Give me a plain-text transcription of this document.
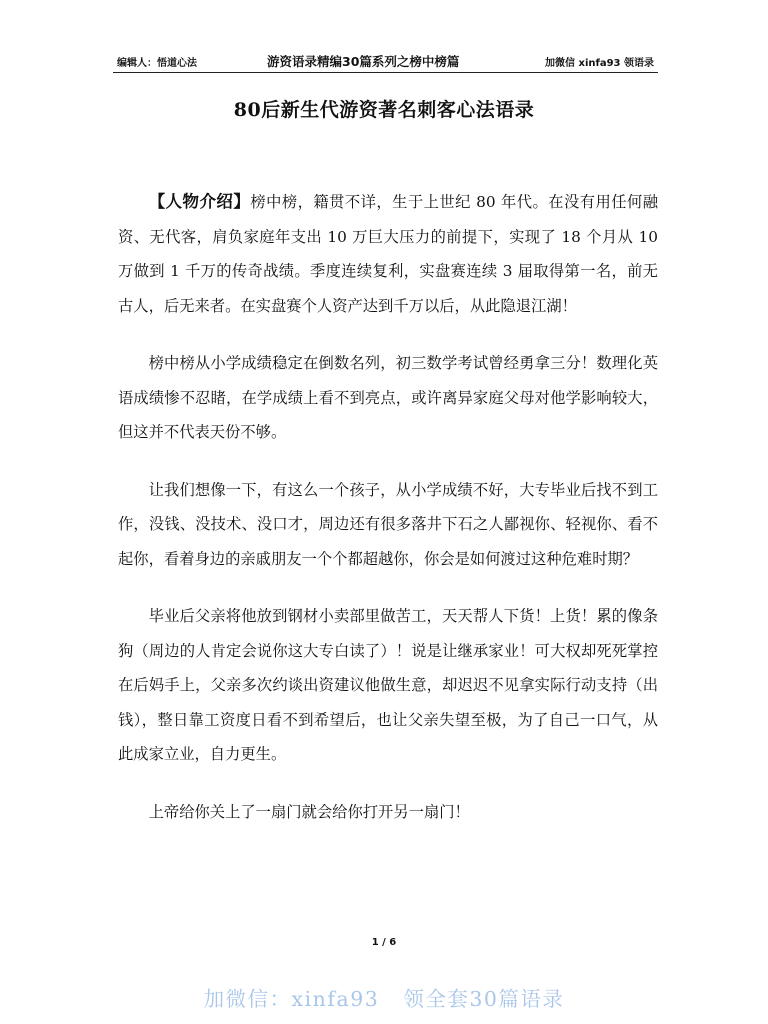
编辑人：悟道心法	游资语录精编30篇系列之榜中榜篇	加微信 xinfa93 领语录
80后新生代游资著名刺客心法语录

【人物介绍】榜中榜，籍贯不详，生于上世纪 80 年代。在没有用任何融资、无代客，肩负家庭年支出 10 万巨大压力的前提下，实现了 18 个月从 10 万做到 1 千万的传奇战绩。季度连续复利，实盘赛连续 3 届取得第一名，前无古人，后无来者。在实盘赛个人资产达到千万以后，从此隐退江湖！

榜中榜从小学成绩稳定在倒数名列，初三数学考试曾经勇拿三分！数理化英语成绩惨不忍睹，在学成绩上看不到亮点，或许离异家庭父母对他学影响较大，但这并不代表天份不够。

让我们想像一下，有这么一个孩子，从小学成绩不好，大专毕业后找不到工作，没钱、没技术、没口才，周边还有很多落井下石之人鄙视你、轻视你、看不起你，看着身边的亲戚朋友一个个都超越你，你会是如何渡过这种危难时期？

毕业后父亲将他放到钢材小卖部里做苦工，天天帮人下货！上货！累的像条狗（周边的人肯定会说你这大专白读了）！说是让继承家业！可大权却死死掌控在后妈手上，父亲多次约谈出资建议他做生意，却迟迟不见拿实际行动支持（出钱），整日靠工资度日看不到希望后，也让父亲失望至极，为了自己一口气，从此成家立业，自力更生。

上帝给你关上了一扇门就会给你打开另一扇门！

1 / 6
加微信：xinfa93   领全套30篇语录
